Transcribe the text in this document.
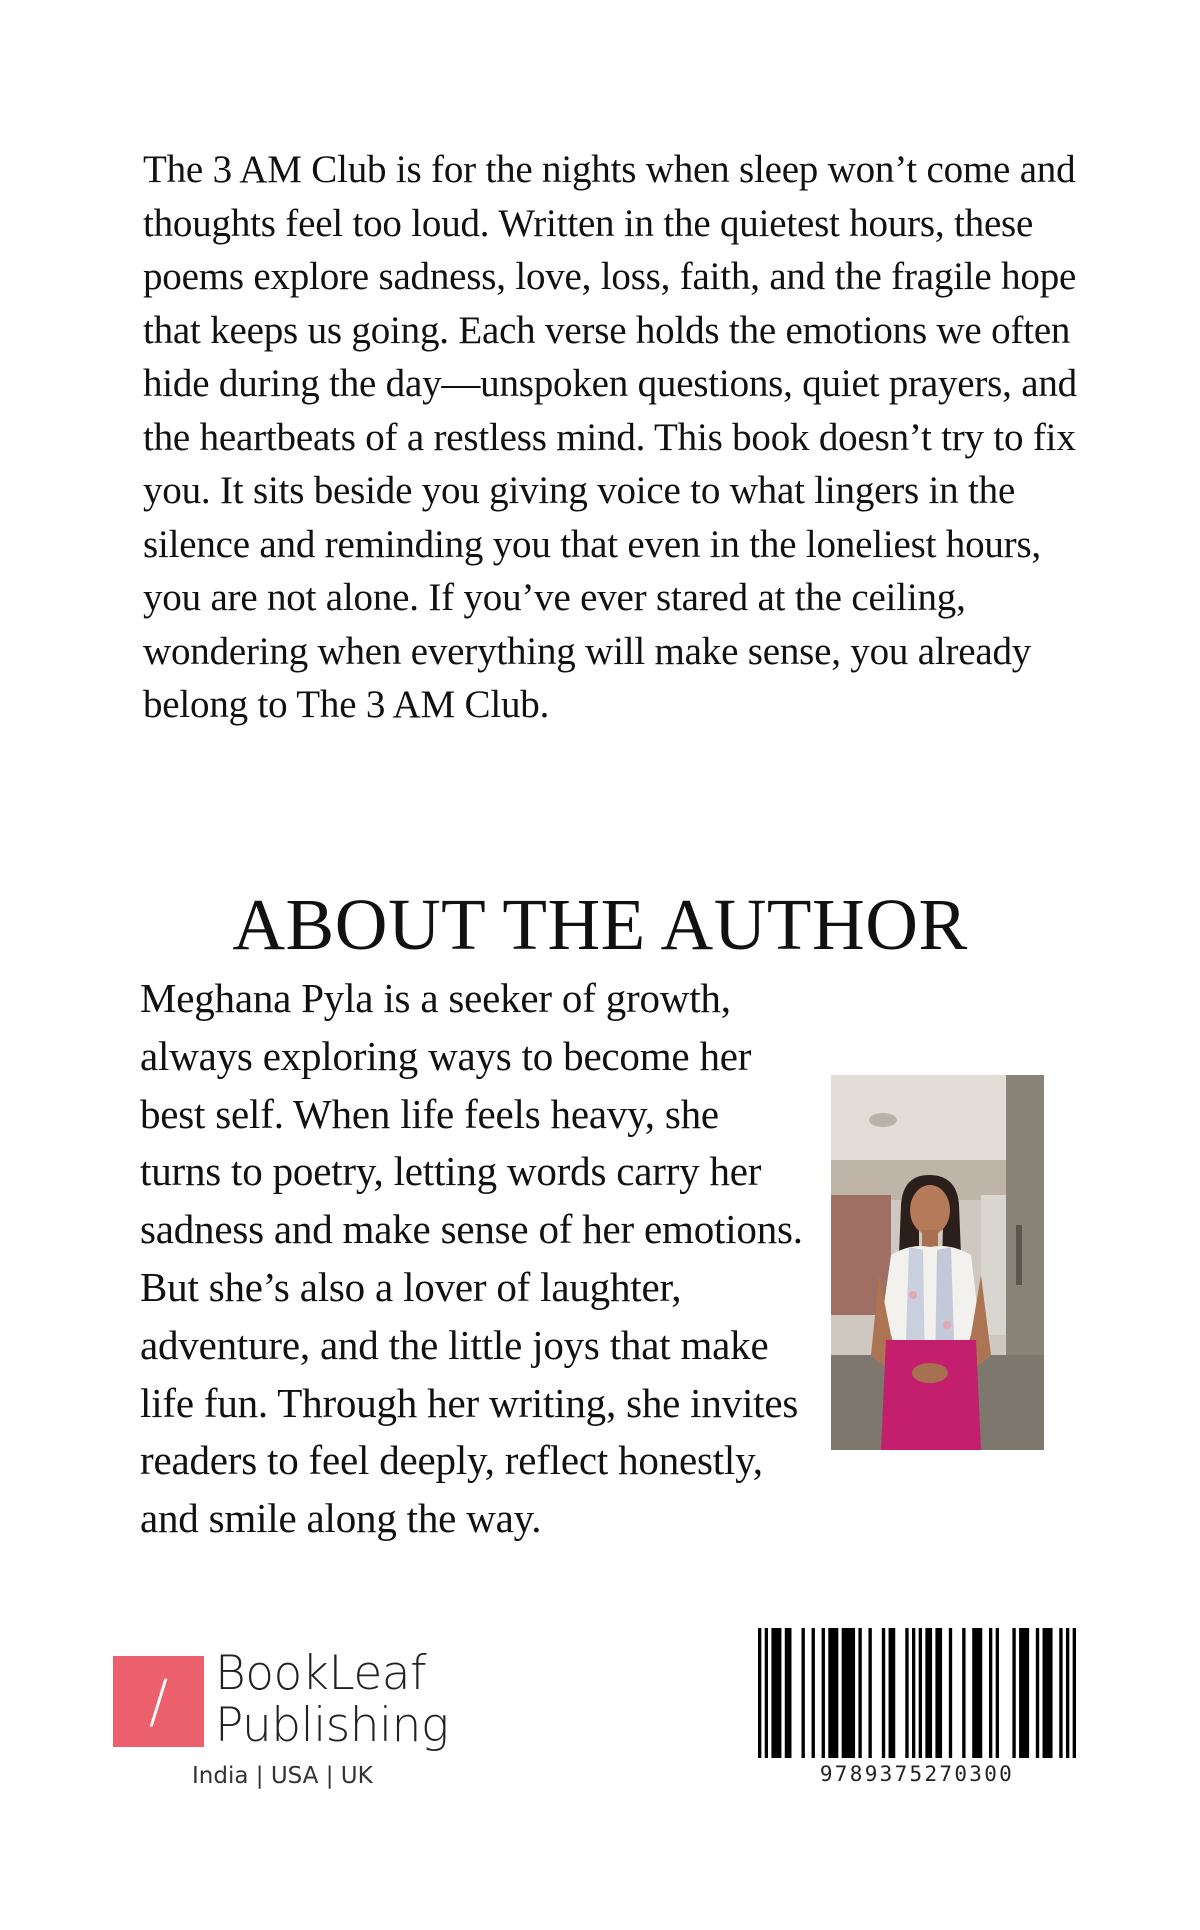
The 3 AM Club is for the nights when sleep won’t come and thoughts feel too loud. Written in the quietest hours, these poems explore sadness, love, loss, faith, and the fragile hope that keeps us going. Each verse holds the emotions we often hide during the day—unspoken questions, quiet prayers, and the heartbeats of a restless mind. This book doesn’t try to fix you. It sits beside you giving voice to what lingers in the silence and reminding you that even in the loneliest hours, you are not alone. If you’ve ever stared at the ceiling, wondering when everything will make sense, you already belong to The 3 AM Club.

ABOUT THE AUTHOR

Meghana Pyla is a seeker of growth, always exploring ways to become her best self. When life feels heavy, she turns to poetry, letting words carry her sadness and make sense of her emotions. But she’s also a lover of laughter, adventure, and the little joys that make life fun. Through her writing, she invites readers to feel deeply, reflect honestly, and smile along the way.

/ BookLeaf
Publishing
India | USA | UK	9789375270300
